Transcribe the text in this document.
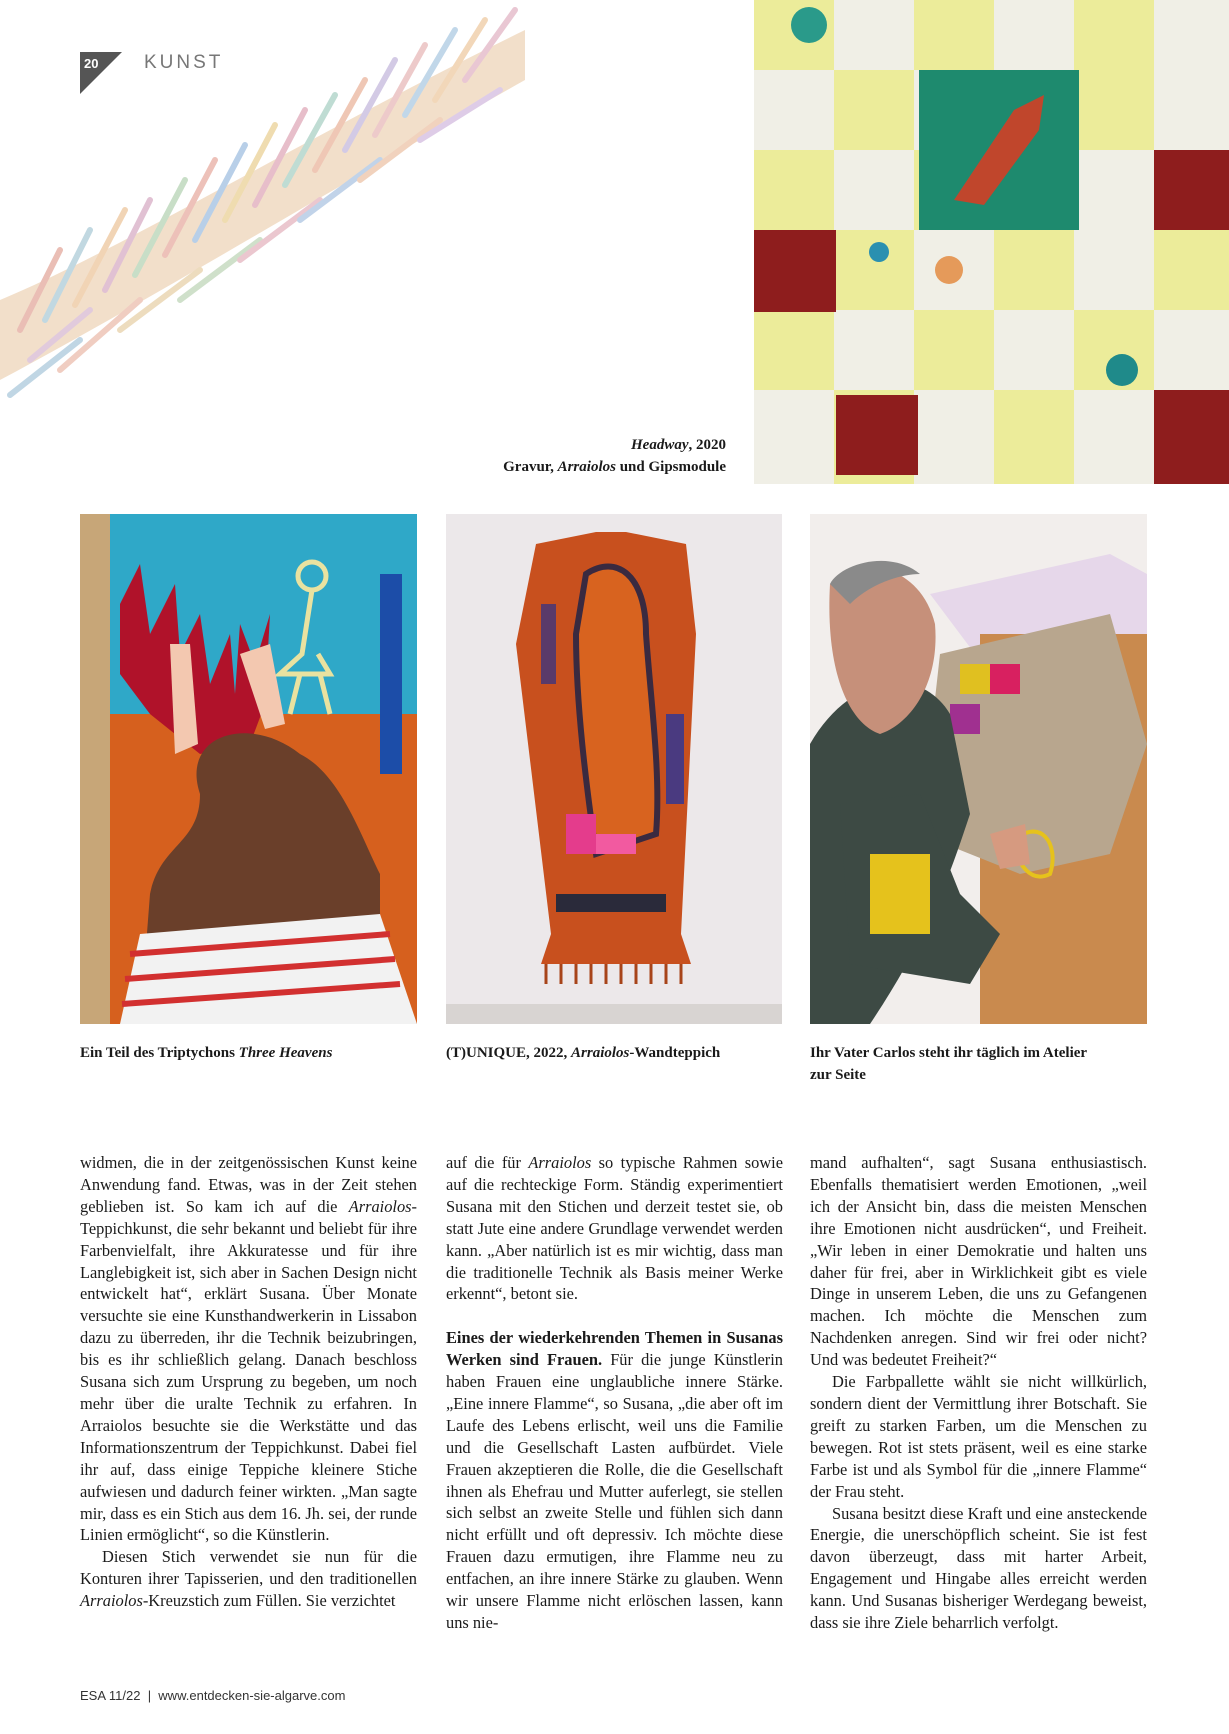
20 KUNST
Headway, 2020
Gravur, Arraiolos und Gipsmodule
Ein Teil des Triptychons Three Heavens	(T)UNIQUE, 2022, Arraiolos-Wandteppich	Ihr Vater Carlos steht ihr täglich im Atelier
zur Seite

widmen, die in der zeitgenössischen Kunst keine Anwendung fand. Etwas, was in der Zeit stehen geblieben ist. So kam ich auf die Arraiolos-Teppichkunst, die sehr bekannt und beliebt für ihre Farbenvielfalt, ihre Akkuratesse und für ihre Langlebigkeit ist, sich aber in Sachen Design nicht entwickelt hat“, erklärt Susana. Über Monate versuchte sie eine Kunsthandwerkerin in Lissabon dazu zu überreden, ihr die Technik beizubringen, bis es ihr schließlich gelang. Danach beschloss Susana sich zum Ursprung zu begeben, um noch mehr über die uralte Technik zu erfahren. In Arraiolos besuchte sie die Werkstätte und das Informationszentrum der Teppichkunst. Dabei fiel ihr auf, dass einige Teppiche kleinere Stiche aufwiesen und dadurch feiner wirkten. „Man sagte mir, dass es ein Stich aus dem 16. Jh. sei, der runde Linien ermöglicht“, so die Künstlerin.

Diesen Stich verwendet sie nun für die Konturen ihrer Tapisserien, und den traditionellen Arraiolos-Kreuzstich zum Füllen. Sie verzichtet

auf die für Arraiolos so typische Rahmen sowie auf die rechteckige Form. Ständig experimentiert Susana mit den Stichen und derzeit testet sie, ob statt Jute eine andere Grundlage verwendet werden kann. „Aber natürlich ist es mir wichtig, dass man die traditionelle Technik als Basis meiner Werke erkennt“, betont sie.

Eines der wiederkehrenden Themen in Susanas Werken sind Frauen. Für die junge Künstlerin haben Frauen eine unglaubliche innere Stärke. „Eine innere Flamme“, so Susana, „die aber oft im Laufe des Lebens erlischt, weil uns die Familie und die Gesellschaft Lasten aufbürdet. Viele Frauen akzeptieren die Rolle, die die Gesellschaft ihnen als Ehefrau und Mutter auferlegt, sie stellen sich selbst an zweite Stelle und fühlen sich dann nicht erfüllt und oft depressiv. Ich möchte diese Frauen dazu ermutigen, ihre Flamme neu zu entfachen, an ihre innere Stärke zu glauben. Wenn wir unsere Flamme nicht erlöschen lassen, kann uns nie-

mand aufhalten“, sagt Susana enthusiastisch. Ebenfalls thematisiert werden Emotionen, „weil ich der Ansicht bin, dass die meisten Menschen ihre Emotionen nicht ausdrücken“, und Freiheit. „Wir leben in einer Demokratie und halten uns daher für frei, aber in Wirklichkeit gibt es viele Dinge in unserem Leben, die uns zu Gefangenen machen. Ich möchte die Menschen zum Nachdenken anregen. Sind wir frei oder nicht? Und was bedeutet Freiheit?“

Die Farbpallette wählt sie nicht willkürlich, sondern dient der Vermittlung ihrer Botschaft. Sie greift zu starken Farben, um die Menschen zu bewegen. Rot ist stets präsent, weil es eine starke Farbe ist und als Symbol für die „innere Flamme“ der Frau steht.

Susana besitzt diese Kraft und eine ansteckende Energie, die unerschöpflich scheint. Sie ist fest davon überzeugt, dass mit harter Arbeit, Engagement und Hingabe alles erreicht werden kann. Und Susanas bisheriger Werdegang beweist, dass sie ihre Ziele beharrlich verfolgt.

ESA 11/22  |  www.entdecken-sie-algarve.com
